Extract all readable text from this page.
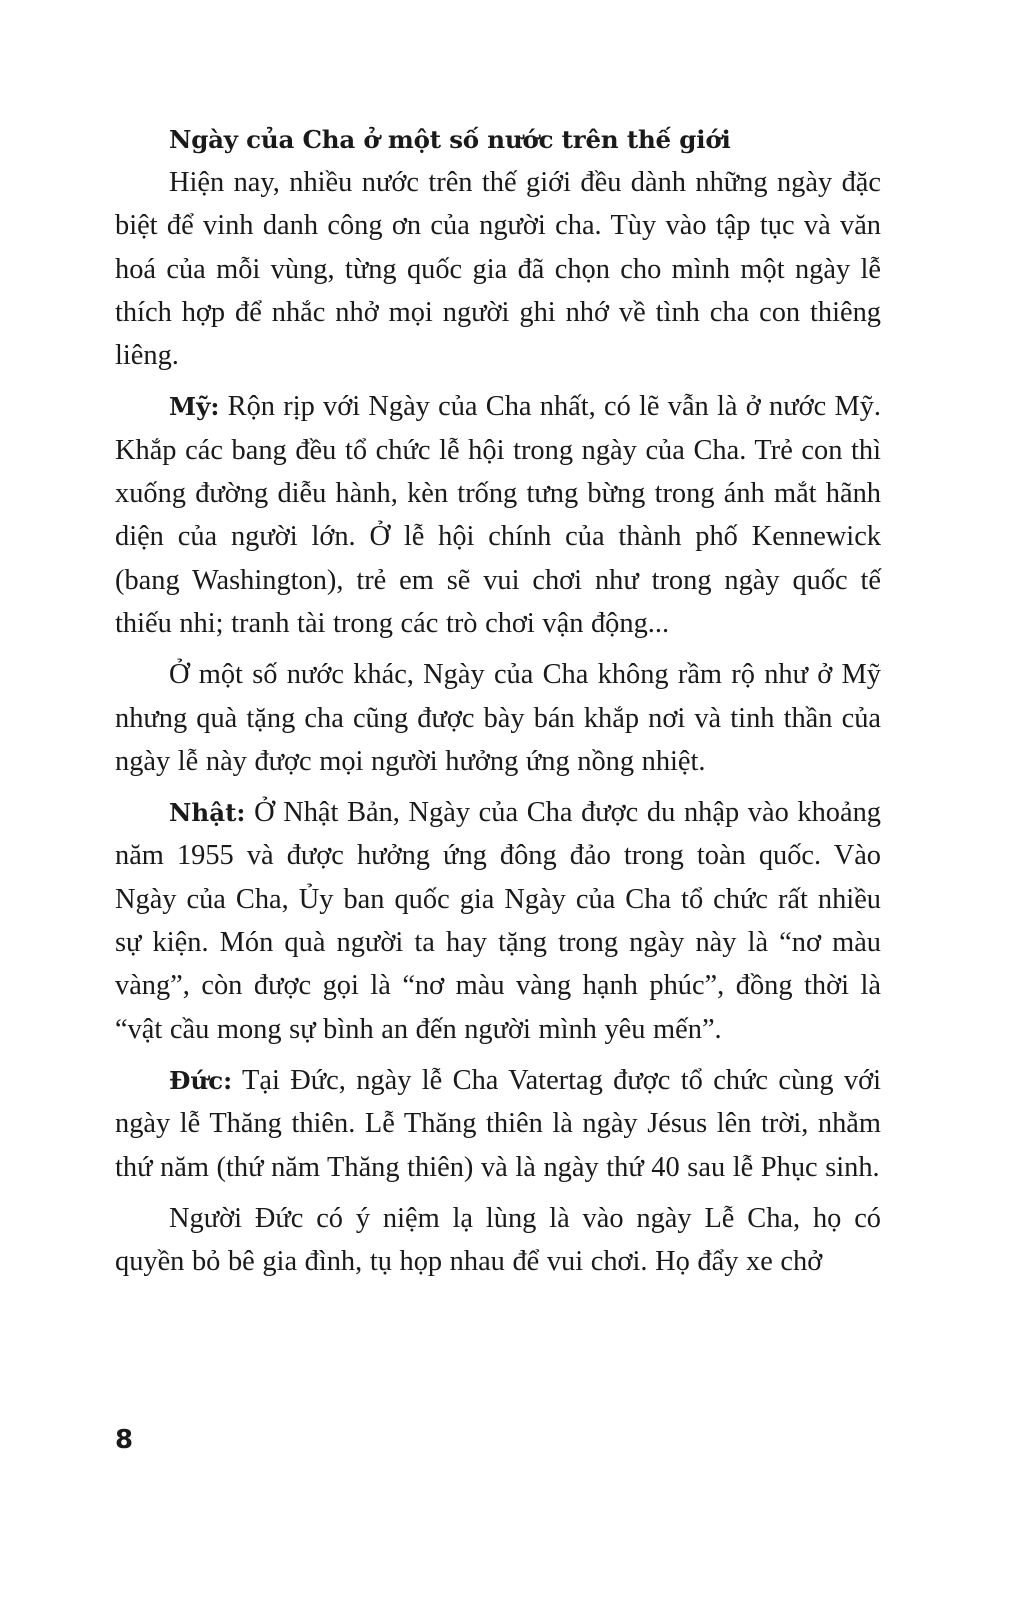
Ngày của Cha ở một số nước trên thế giới

Hiện nay, nhiều nước trên thế giới đều dành những ngày đặc biệt để vinh danh công ơn của người cha. Tùy vào tập tục và văn hoá của mỗi vùng, từng quốc gia đã chọn cho mình một ngày lễ thích hợp để nhắc nhở mọi người ghi nhớ về tình cha con thiêng liêng.

Mỹ: Rộn rịp với Ngày của Cha nhất, có lẽ vẫn là ở nước Mỹ. Khắp các bang đều tổ chức lễ hội trong ngày của Cha. Trẻ con thì xuống đường diễu hành, kèn trống tưng bừng trong ánh mắt hãnh diện của người lớn. Ở lễ hội chính của thành phố Kennewick (bang Washington), trẻ em sẽ vui chơi như trong ngày quốc tế thiếu nhi; tranh tài trong các trò chơi vận động...

Ở một số nước khác, Ngày của Cha không rầm rộ như ở Mỹ nhưng quà tặng cha cũng được bày bán khắp nơi và tinh thần của ngày lễ này được mọi người hưởng ứng nồng nhiệt.

Nhật: Ở Nhật Bản, Ngày của Cha được du nhập vào khoảng năm 1955 và được hưởng ứng đông đảo trong toàn quốc. Vào Ngày của Cha, Ủy ban quốc gia Ngày của Cha tổ chức rất nhiều sự kiện. Món quà người ta hay tặng trong ngày này là “nơ màu vàng”, còn được gọi là “nơ màu vàng hạnh phúc”, đồng thời là “vật cầu mong sự bình an đến người mình yêu mến”.

Đức: Tại Đức, ngày lễ Cha Vatertag được tổ chức cùng với ngày lễ Thăng thiên. Lễ Thăng thiên là ngày Jésus lên trời, nhằm thứ năm (thứ năm Thăng thiên) và là ngày thứ 40 sau lễ Phục sinh.

Người Đức có ý niệm lạ lùng là vào ngày Lễ Cha, họ có quyền bỏ bê gia đình, tụ họp nhau để vui chơi. Họ đẩy xe chở

8
